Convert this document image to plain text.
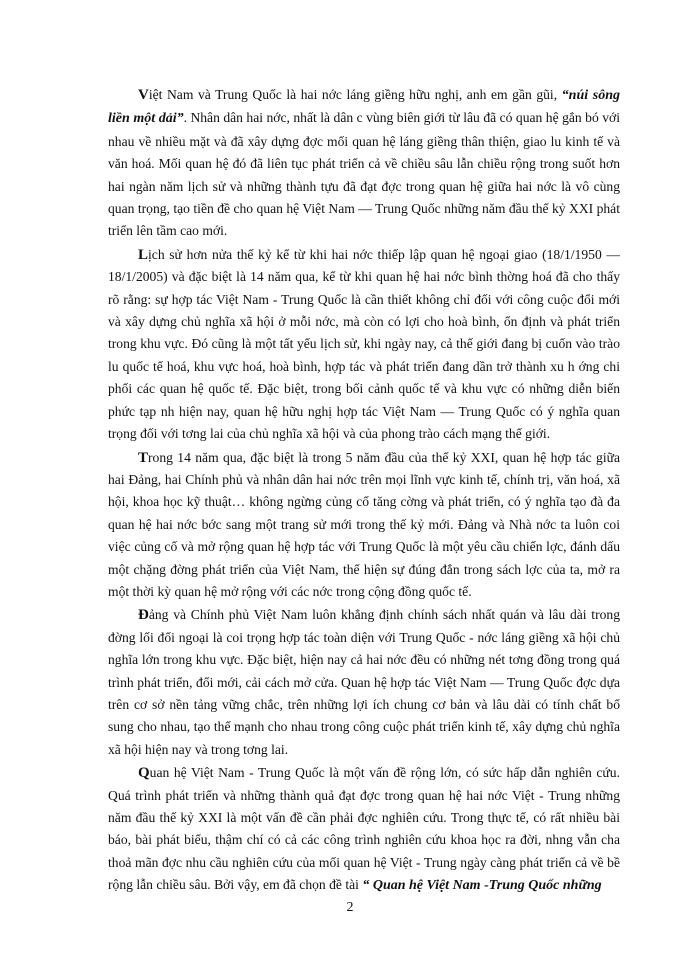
Việt Nam và Trung Quốc là hai nớc láng giềng hữu nghị, anh em gần gũi, “núi sông liền một dải”. Nhân dân hai nớc, nhất là dân c vùng biên giới từ lâu đã có quan hệ gắn bó với nhau về nhiều mặt và đã xây dựng đợc mối quan hệ láng giềng thân thiện, giao lu kinh tế và văn hoá. Mối quan hệ đó đã liên tục phát triển cả về chiều sâu lẫn chiều rộng trong suốt hơn hai ngàn năm lịch sử và những thành tựu đã đạt đợc trong quan hệ giữa hai nớc là vô cùng quan trọng, tạo tiền đề cho quan hệ Việt Nam — Trung Quốc những năm đầu thế kỷ XXI phát triển lên tầm cao mới.

Lịch sử hơn nửa thế kỷ kể từ khi hai nớc thiếp lập quan hệ ngoại giao (18/1/1950 — 18/1/2005) và đặc biệt là 14 năm qua, kể từ khi quan hệ hai nớc bình thờng hoá đã cho thấy rõ rằng: sự hợp tác Việt Nam - Trung Quốc là cần thiết không chỉ đối với công cuộc đổi mới và xây dựng chủ nghĩa xã hội ở mỗi nớc, mà còn có lợi cho hoà bình, ổn định và phát triển trong khu vực. Đó cũng là một tất yếu lịch sử, khi ngày nay, cả thế giới đang bị cuốn vào trào lu quốc tế hoá, khu vực hoá, hoà bình, hợp tác và phát triển đang dần trở thành xu h ớng chi phối các quan hệ quốc tế. Đặc biệt, trong bối cảnh quốc tế và khu vực có những diễn biến phức tạp nh hiện nay, quan hệ hữu nghị hợp tác Việt Nam — Trung Quốc có ý nghĩa quan trọng đối với tơng lai của chủ nghĩa xã hội và của phong trào cách mạng thế giới.

Trong 14 năm qua, đặc biệt là trong 5 năm đầu của thế kỷ XXI, quan hệ hợp tác giữa hai Đảng, hai Chính phủ và nhân dân hai nớc trên mọi lĩnh vực kinh tế, chính trị, văn hoá, xã hội, khoa học kỹ thuật… không ngừng củng cố tăng cờng và phát triển, có ý nghĩa tạo đà đa quan hệ hai nớc bớc sang một trang sử mới trong thế kỷ mới. Đảng và Nhà nớc ta luôn coi việc củng cố và mở rộng quan hệ hợp tác với Trung Quốc là một yêu cầu chiến lợc, đánh dấu một chặng đờng phát triển của Việt Nam, thể hiện sự đúng đắn trong sách lợc của ta, mở ra một thời kỳ quan hệ mở rộng với các nớc trong cộng đồng quốc tế.

Đảng và Chính phủ Việt Nam luôn khẳng định chính sách nhất quán và lâu dài trong đờng lối đối ngoại là coi trọng hợp tác toàn diện với Trung Quốc - nớc láng giềng xã hội chủ nghĩa lớn trong khu vực. Đặc biệt, hiện nay cả hai nớc đều có những nét tơng đồng trong quá trình phát triển, đổi mới, cải cách mở cửa. Quan hệ hợp tác Việt Nam — Trung Quốc đợc dựa trên cơ sở nền tảng vững chắc, trên những lợi ích chung cơ bản và lâu dài có tính chất bổ sung cho nhau, tạo thế mạnh cho nhau trong công cuộc phát triển kinh tế, xây dựng chủ nghĩa xã hội hiện nay và trong tơng lai.

Quan hệ Việt Nam - Trung Quốc là một vấn đề rộng lớn, có sức hấp dẫn nghiên cứu. Quá trình phát triển và những thành quả đạt đợc trong quan hệ hai nớc Việt - Trung những năm đầu thế kỷ XXI là một vấn đề cần phải đợc nghiên cứu. Trong thực tế, có rất nhiều bài báo, bài phát biểu, thậm chí có cả các công trình nghiên cứu khoa học ra đời, nhng vẫn cha thoả mãn đợc nhu cầu nghiên cứu của mối quan hệ Việt - Trung ngày càng phát triển cả về bề rộng lẫn chiều sâu. Bởi vậy, em đã chọn đề tài “ Quan hệ Việt Nam -Trung Quốc những

2
